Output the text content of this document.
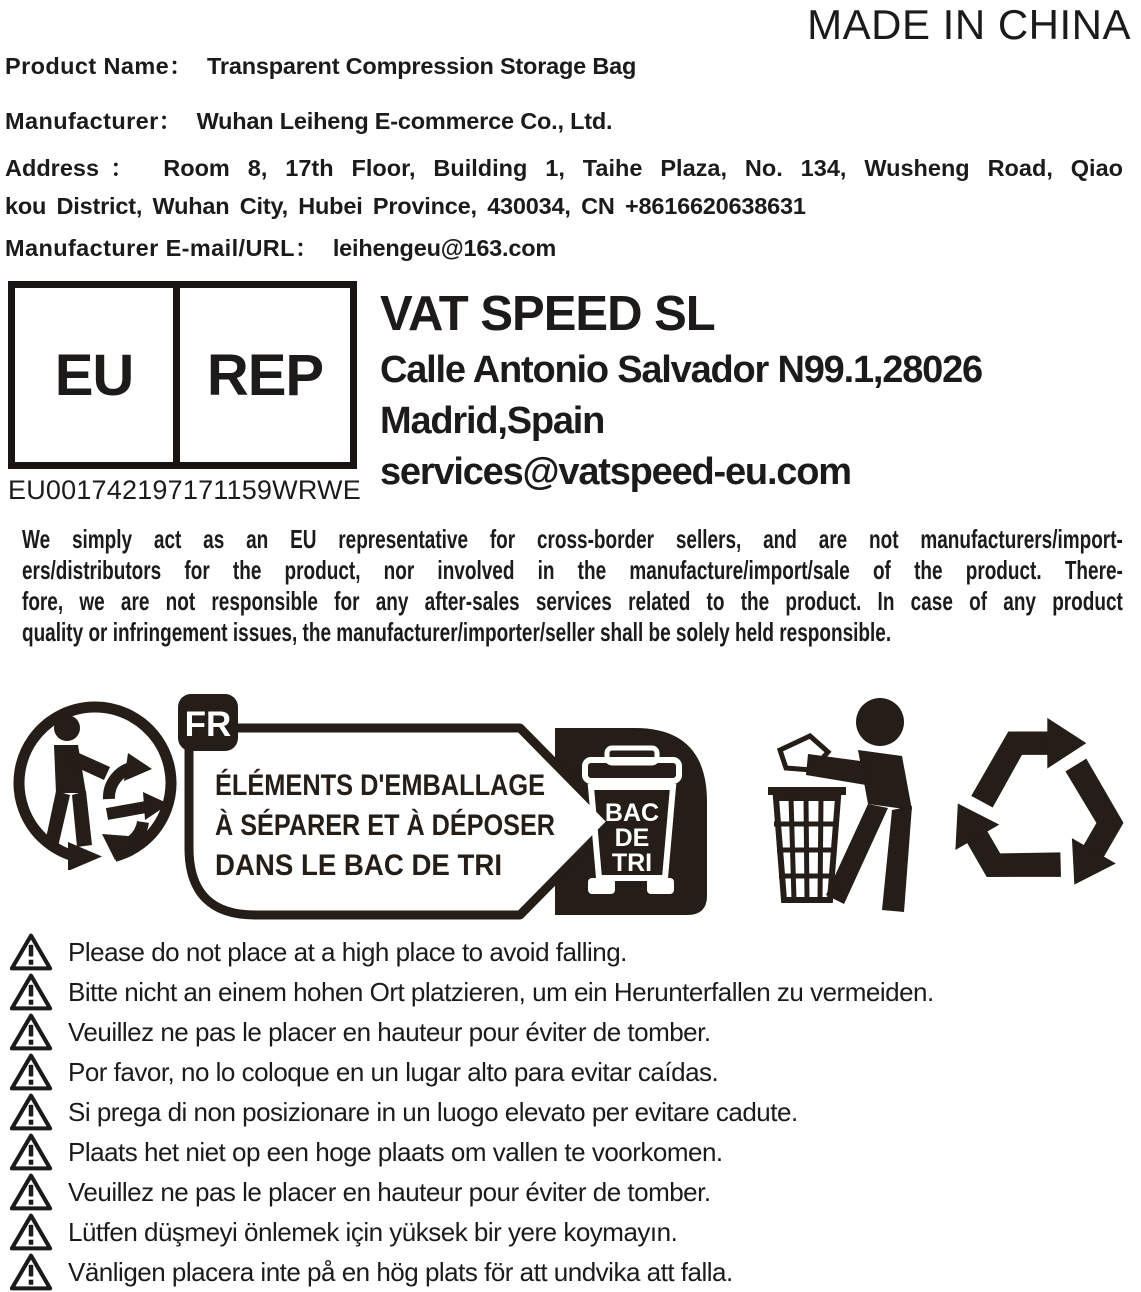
MADE IN CHINA
Product Name： Transparent Compression Storage Bag
Manufacturer： Wuhan Leiheng E-commerce Co., Ltd.
Address： Room 8, 17th Floor, Building 1, Taihe Plaza, No. 134, Wusheng Road, Qiao
kou District, Wuhan City, Hubei Province, 430034, CN +8616620638631
Manufacturer E-mail/URL： leihengeu@163.com
EU	REP
EU001742197171159WRWE
VAT SPEED SL
Calle Antonio Salvador N99.1,28026
Madrid,Spain
services@vatspeed-eu.com
We simply act as an EU representative for cross-border sellers, and are not manufacturers/import-
ers/distributors for the product, nor involved in the manufacture/import/sale of the product. There-
fore, we are not responsible for any after-sales services related to the product. In case of any product
quality or infringement issues, the manufacturer/importer/seller shall be solely held responsible.
FR
ÉLÉMENTS D'EMBALLAGE
À SÉPARER ET À DÉPOSER
DANS LE BAC DE TRI
BAC
DE
TRI
Please do not place at a high place to avoid falling.
Bitte nicht an einem hohen Ort platzieren, um ein Herunterfallen zu vermeiden.
Veuillez ne pas le placer en hauteur pour éviter de tomber.
Por favor, no lo coloque en un lugar alto para evitar caídas.
Si prega di non posizionare in un luogo elevato per evitare cadute.
Plaats het niet op een hoge plaats om vallen te voorkomen.
Veuillez ne pas le placer en hauteur pour éviter de tomber.
Lütfen düşmeyi önlemek için yüksek bir yere koymayın.
Vänligen placera inte på en hög plats för att undvika att falla.
